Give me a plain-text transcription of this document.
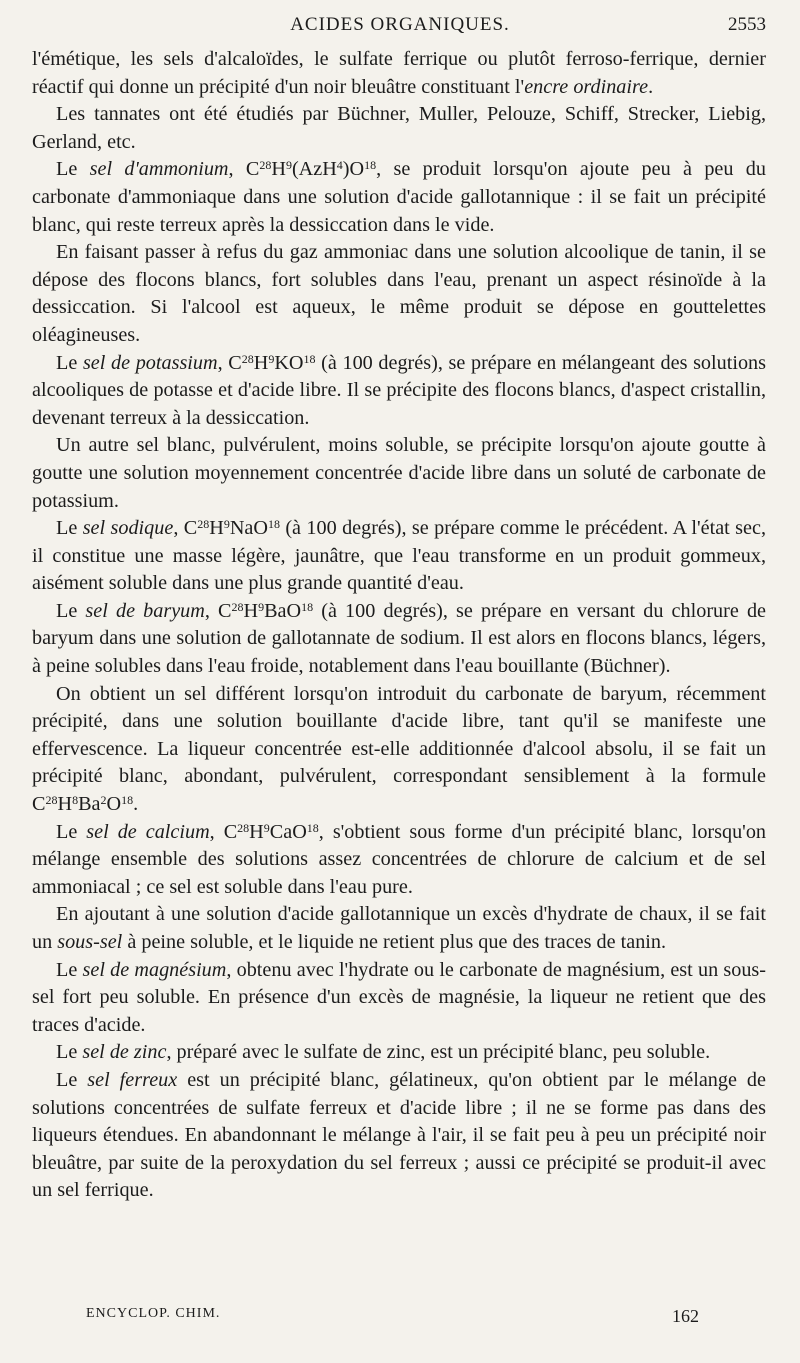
ACIDES ORGANIQUES.	2553

l'émétique, les sels d'alcaloïdes, le sulfate ferrique ou plutôt ferroso-ferrique, dernier réactif qui donne un précipité d'un noir bleuâtre constituant l'encre ordinaire.

Les tannates ont été étudiés par Büchner, Muller, Pelouze, Schiff, Strecker, Liebig, Gerland, etc.

Le sel d'ammonium, $C^{28}H^9(AzH^4)O^{18}$, se produit lorsqu'on ajoute peu à peu du carbonate d'ammoniaque dans une solution d'acide gallotannique : il se fait un précipité blanc, qui reste terreux après la dessiccation dans le vide.

En faisant passer à refus du gaz ammoniac dans une solution alcoolique de tanin, il se dépose des flocons blancs, fort solubles dans l'eau, prenant un aspect résinoïde à la dessiccation. Si l'alcool est aqueux, le même produit se dépose en gouttelettes oléagineuses.

Le sel de potassium, $C^{28}H^9KO^{18}$ (à 100 degrés), se prépare en mélangeant des solutions alcooliques de potasse et d'acide libre. Il se précipite des flocons blancs, d'aspect cristallin, devenant terreux à la dessiccation.

Un autre sel blanc, pulvérulent, moins soluble, se précipite lorsqu'on ajoute goutte à goutte une solution moyennement concentrée d'acide libre dans un soluté de carbonate de potassium.

Le sel sodique, $C^{28}H^9NaO^{18}$ (à 100 degrés), se prépare comme le précédent. A l'état sec, il constitue une masse légère, jaunâtre, que l'eau transforme en un produit gommeux, aisément soluble dans une plus grande quantité d'eau.

Le sel de baryum, $C^{28}H^9BaO^{18}$ (à 100 degrés), se prépare en versant du chlorure de baryum dans une solution de gallotannate de sodium. Il est alors en flocons blancs, légers, à peine solubles dans l'eau froide, notablement dans l'eau bouillante (Büchner).

On obtient un sel différent lorsqu'on introduit du carbonate de baryum, récemment précipité, dans une solution bouillante d'acide libre, tant qu'il se manifeste une effervescence. La liqueur concentrée est-elle additionnée d'alcool absolu, il se fait un précipité blanc, abondant, pulvérulent, correspondant sensiblement à la formule $C^{28}H^8Ba^2O^{18}$.

Le sel de calcium, $C^{28}H^9CaO^{18}$, s'obtient sous forme d'un précipité blanc, lorsqu'on mélange ensemble des solutions assez concentrées de chlorure de calcium et de sel ammoniacal ; ce sel est soluble dans l'eau pure.

En ajoutant à une solution d'acide gallotannique un excès d'hydrate de chaux, il se fait un sous-sel à peine soluble, et le liquide ne retient plus que des traces de tanin.

Le sel de magnésium, obtenu avec l'hydrate ou le carbonate de magnésium, est un sous-sel fort peu soluble. En présence d'un excès de magnésie, la liqueur ne retient que des traces d'acide.

Le sel de zinc, préparé avec le sulfate de zinc, est un précipité blanc, peu soluble.

Le sel ferreux est un précipité blanc, gélatineux, qu'on obtient par le mélange de solutions concentrées de sulfate ferreux et d'acide libre ; il ne se forme pas dans des liqueurs étendues. En abandonnant le mélange à l'air, il se fait peu à peu un précipité noir bleuâtre, par suite de la peroxydation du sel ferreux ; aussi ce précipité se produit-il avec un sel ferrique.

ENCYCLOP. CHIM.	162
